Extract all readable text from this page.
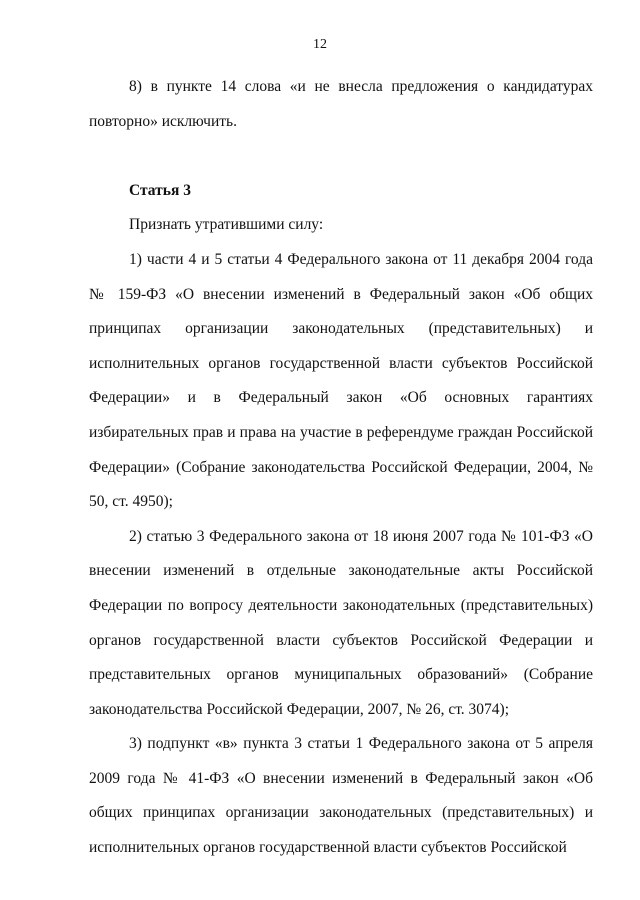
12

8) в пункте 14 слова «и не внесла предложения о кандидатурах повторно» исключить.

Статья 3

Признать утратившими силу:

1) части 4 и 5 статьи 4 Федерального закона от 11 декабря 2004 года № 159-ФЗ «О внесении изменений в Федеральный закон «Об общих принципах организации законодательных (представительных) и исполнительных органов государственной власти субъектов Российской Федерации» и в Федеральный закон «Об основных гарантиях избирательных прав и права на участие в референдуме граждан Российской Федерации» (Собрание законодательства Российской Федерации, 2004, № 50, ст. 4950);

2) статью 3 Федерального закона от 18 июня 2007 года № 101-ФЗ «О внесении изменений в отдельные законодательные акты Российской Федерации по вопросу деятельности законодательных (представительных) органов государственной власти субъектов Российской Федерации и представительных органов муниципальных образований» (Собрание законодательства Российской Федерации, 2007, № 26, ст. 3074);

3) подпункт «в» пункта 3 статьи 1 Федерального закона от 5 апреля 2009 года № 41-ФЗ «О внесении изменений в Федеральный закон «Об общих принципах организации законодательных (представительных) и исполнительных органов государственной власти субъектов Российской
